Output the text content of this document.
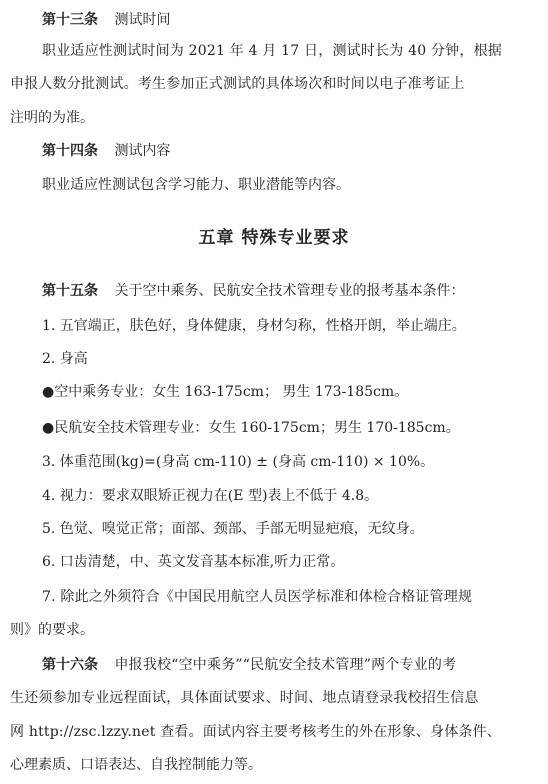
第十三条 测试时间
职业适应性测试时间为 2021 年 4 月 17 日，测试时长为 40 分钟，根据
申报人数分批测试。考生参加正式测试的具体场次和时间以电子准考证上
注明的为准。
第十四条 测试内容
职业适应性测试包含学习能力、职业潜能等内容。
五章 特殊专业要求
第十五条 关于空中乘务、民航安全技术管理专业的报考基本条件：
1. 五官端正，肤色好，身体健康，身材匀称，性格开朗，举止端庄。
2. 身高
●空中乘务专业：女生 163-175cm； 男生 173-185cm。
●民航安全技术管理专业：女生 160-175cm；男生 170-185cm。
3. 体重范围(kg)=(身高 cm-110) ± (身高 cm-110) × 10%。
4. 视力：要求双眼矫正视力在(E 型)表上不低于 4.8。
5. 色觉、嗅觉正常；面部、颈部、手部无明显疤痕，无纹身。
6. 口齿清楚，中、英文发音基本标准,听力正常。
7. 除此之外须符合《中国民用航空人员医学标准和体检合格证管理规
则》的要求。
第十六条 申报我校“空中乘务”“民航安全技术管理”两个专业的考
生还须参加专业远程面试，具体面试要求、时间、地点请登录我校招生信息
网 http://zsc.lzzy.net 查看。面试内容主要考核考生的外在形象、身体条件、
心理素质、口语表达、自我控制能力等。
